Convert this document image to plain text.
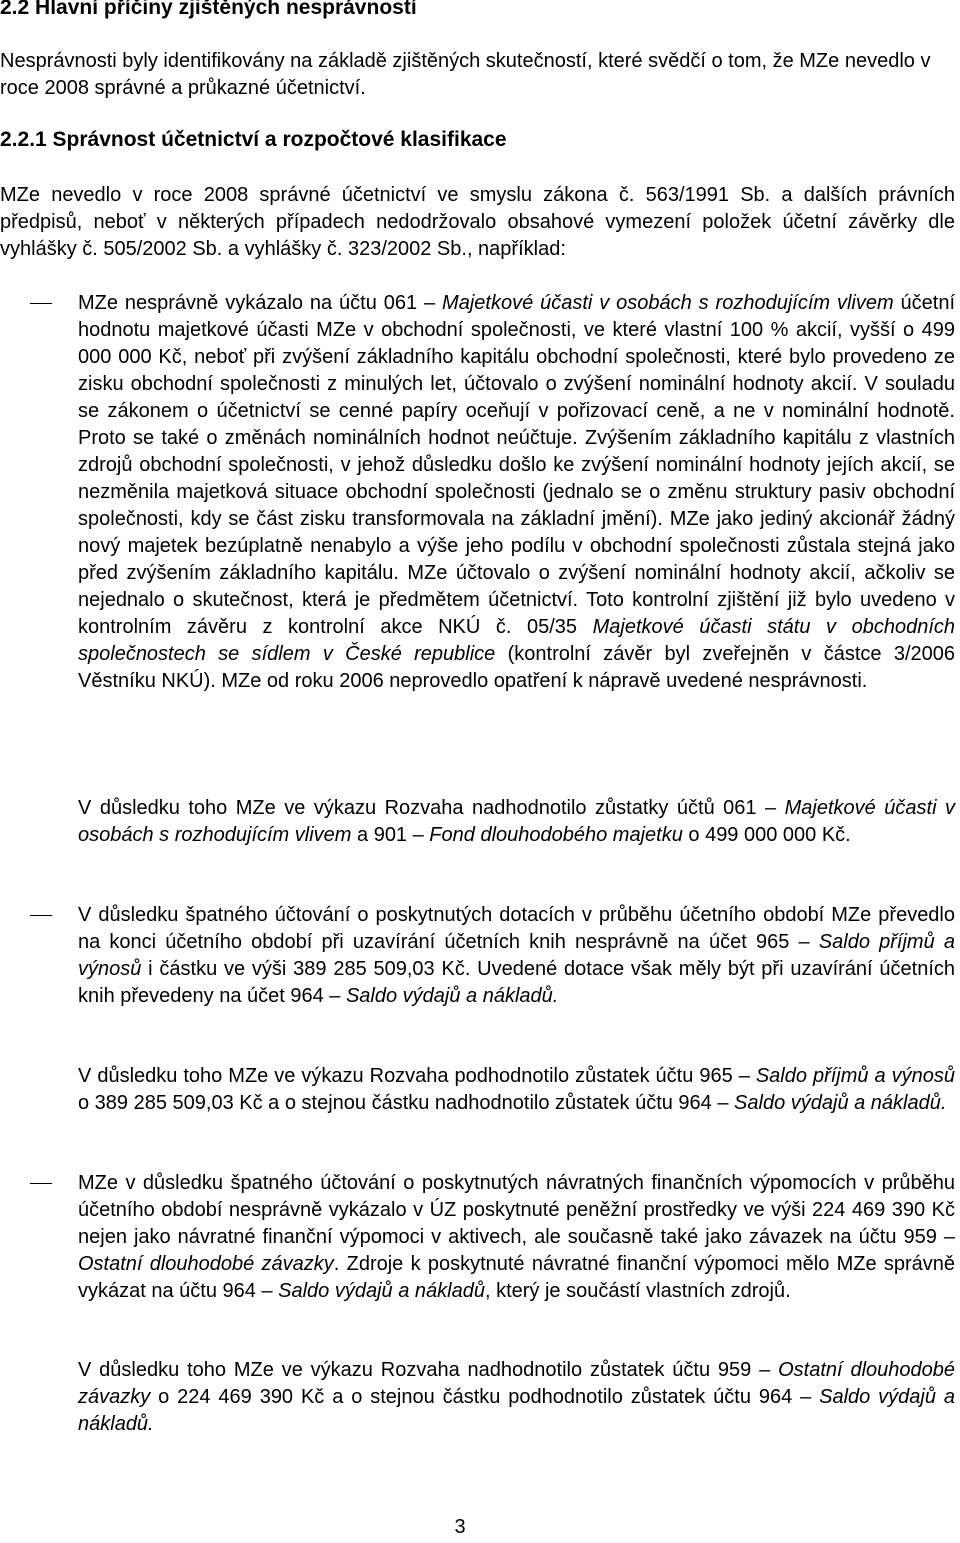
2.2 Hlavní příčiny zjištěných nesprávností

Nesprávnosti byly identifikovány na základě zjištěných skutečností, které svědčí o tom, že MZe nevedlo v roce 2008 správné a průkazné účetnictví.

2.2.1 Správnost účetnictví a rozpočtové klasifikace

MZe nevedlo v roce 2008 správné účetnictví ve smyslu zákona č. 563/1991 Sb. a dalších právních předpisů, neboť v některých případech nedodržovalo obsahové vymezení položek účetní závěrky dle vyhlášky č. 505/2002 Sb. a vyhlášky č. 323/2002 Sb., například:

MZe nesprávně vykázalo na účtu 061 – Majetkové účasti v osobách s rozhodujícím vlivem účetní hodnotu majetkové účasti MZe v obchodní společnosti, ve které vlastní 100 % akcií, vyšší o 499 000 000 Kč, neboť při zvýšení základního kapitálu obchodní společnosti, které bylo provedeno ze zisku obchodní společnosti z minulých let, účtovalo o zvýšení nominální hodnoty akcií. V souladu se zákonem o účetnictví se cenné papíry oceňují v pořizovací ceně, a ne v nominální hodnotě. Proto se také o změnách nominálních hodnot neúčtuje. Zvýšením základního kapitálu z vlastních zdrojů obchodní společnosti, v jehož důsledku došlo ke zvýšení nominální hodnoty jejích akcií, se nezměnila majetková situace obchodní společnosti (jednalo se o změnu struktury pasiv obchodní společnosti, kdy se část zisku transformovala na základní jmění). MZe jako jediný akcionář žádný nový majetek bezúplatně nenabylo a výše jeho podílu v obchodní společnosti zůstala stejná jako před zvýšením základního kapitálu. MZe účtovalo o zvýšení nominální hodnoty akcií, ačkoliv se nejednalo o skutečnost, která je předmětem účetnictví. Toto kontrolní zjištění již bylo uvedeno v kontrolním závěru z kontrolní akce NKÚ č. 05/35 Majetkové účasti státu v obchodních společnostech se sídlem v České republice (kontrolní závěr byl zveřejněn v částce 3/2006 Věstníku NKÚ). MZe od roku 2006 neprovedlo opatření k nápravě uvedené nesprávnosti.

V důsledku toho MZe ve výkazu Rozvaha nadhodnotilo zůstatky účtů 061 – Majetkové účasti v osobách s rozhodujícím vlivem a 901 – Fond dlouhodobého majetku o 499 000 000 Kč.

V důsledku špatného účtování o poskytnutých dotacích v průběhu účetního období MZe převedlo na konci účetního období při uzavírání účetních knih nesprávně na účet 965 – Saldo příjmů a výnosů i částku ve výši 389 285 509,03 Kč. Uvedené dotace však měly být při uzavírání účetních knih převedeny na účet 964 – Saldo výdajů a nákladů.

V důsledku toho MZe ve výkazu Rozvaha podhodnotilo zůstatek účtu 965 – Saldo příjmů a výnosů o 389 285 509,03 Kč a o stejnou částku nadhodnotilo zůstatek účtu 964 – Saldo výdajů a nákladů.

MZe v důsledku špatného účtování o poskytnutých návratných finančních výpomocích v průběhu účetního období nesprávně vykázalo v ÚZ poskytnuté peněžní prostředky ve výši 224 469 390 Kč nejen jako návratné finanční výpomoci v aktivech, ale současně také jako závazek na účtu 959 – Ostatní dlouhodobé závazky. Zdroje k poskytnuté návratné finanční výpomoci mělo MZe správně vykázat na účtu 964 – Saldo výdajů a nákladů, který je součástí vlastních zdrojů.

V důsledku toho MZe ve výkazu Rozvaha nadhodnotilo zůstatek účtu 959 – Ostatní dlouhodobé závazky o 224 469 390 Kč a o stejnou částku podhodnotilo zůstatek účtu 964 – Saldo výdajů a nákladů.

3
